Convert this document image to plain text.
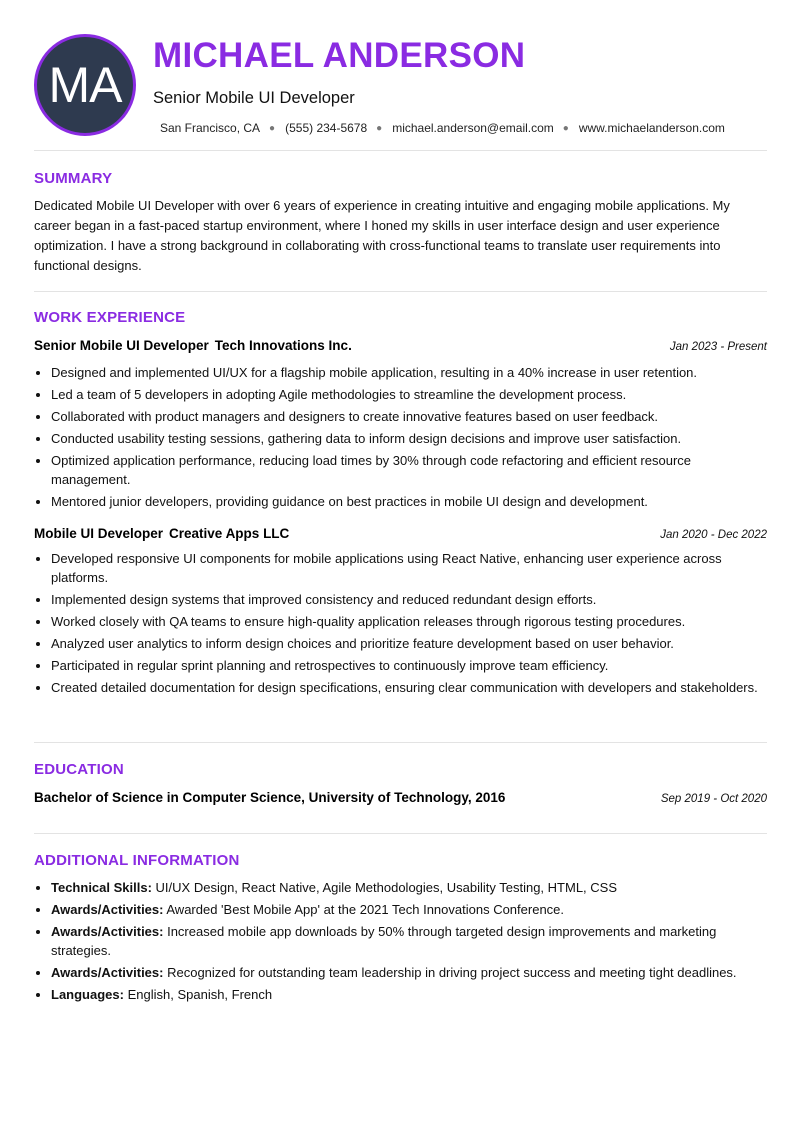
MA
MICHAEL ANDERSON
Senior Mobile UI Developer
San Francisco, CA ● (555) 234-5678 ● michael.anderson@email.com ● www.michaelanderson.com
SUMMARY
Dedicated Mobile UI Developer with over 6 years of experience in creating intuitive and engaging mobile applications. My career began in a fast-paced startup environment, where I honed my skills in user interface design and user experience optimization. I have a strong background in collaborating with cross-functional teams to translate user requirements into functional designs.
WORK EXPERIENCE
Senior Mobile UI Developer Tech Innovations Inc.	Jan 2023 - Present
• Designed and implemented UI/UX for a flagship mobile application, resulting in a 40% increase in user retention.
• Led a team of 5 developers in adopting Agile methodologies to streamline the development process.
• Collaborated with product managers and designers to create innovative features based on user feedback.
• Conducted usability testing sessions, gathering data to inform design decisions and improve user satisfaction.
• Optimized application performance, reducing load times by 30% through code refactoring and efficient resource management.
• Mentored junior developers, providing guidance on best practices in mobile UI design and development.
Mobile UI Developer Creative Apps LLC	Jan 2020 - Dec 2022
• Developed responsive UI components for mobile applications using React Native, enhancing user experience across platforms.
• Implemented design systems that improved consistency and reduced redundant design efforts.
• Worked closely with QA teams to ensure high-quality application releases through rigorous testing procedures.
• Analyzed user analytics to inform design choices and prioritize feature development based on user behavior.
• Participated in regular sprint planning and retrospectives to continuously improve team efficiency.
• Created detailed documentation for design specifications, ensuring clear communication with developers and stakeholders.
EDUCATION
Bachelor of Science in Computer Science, University of Technology, 2016	Sep 2019 - Oct 2020
ADDITIONAL INFORMATION
• Technical Skills: UI/UX Design, React Native, Agile Methodologies, Usability Testing, HTML, CSS
• Awards/Activities: Awarded 'Best Mobile App' at the 2021 Tech Innovations Conference.
• Awards/Activities: Increased mobile app downloads by 50% through targeted design improvements and marketing strategies.
• Awards/Activities: Recognized for outstanding team leadership in driving project success and meeting tight deadlines.
• Languages: English, Spanish, French
